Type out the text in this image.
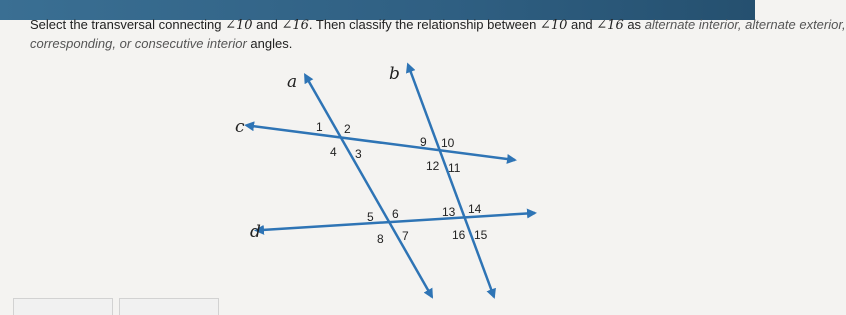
Select the transversal connecting ∠10 and ∠16. Then classify the relationship between ∠10 and ∠16 as alternate interior, alternate exterior,
corresponding, or consecutive interior angles.
a	b
c
d
1 2
3
4
5 6
7
8
9 10
11
12
13 14
15
16
